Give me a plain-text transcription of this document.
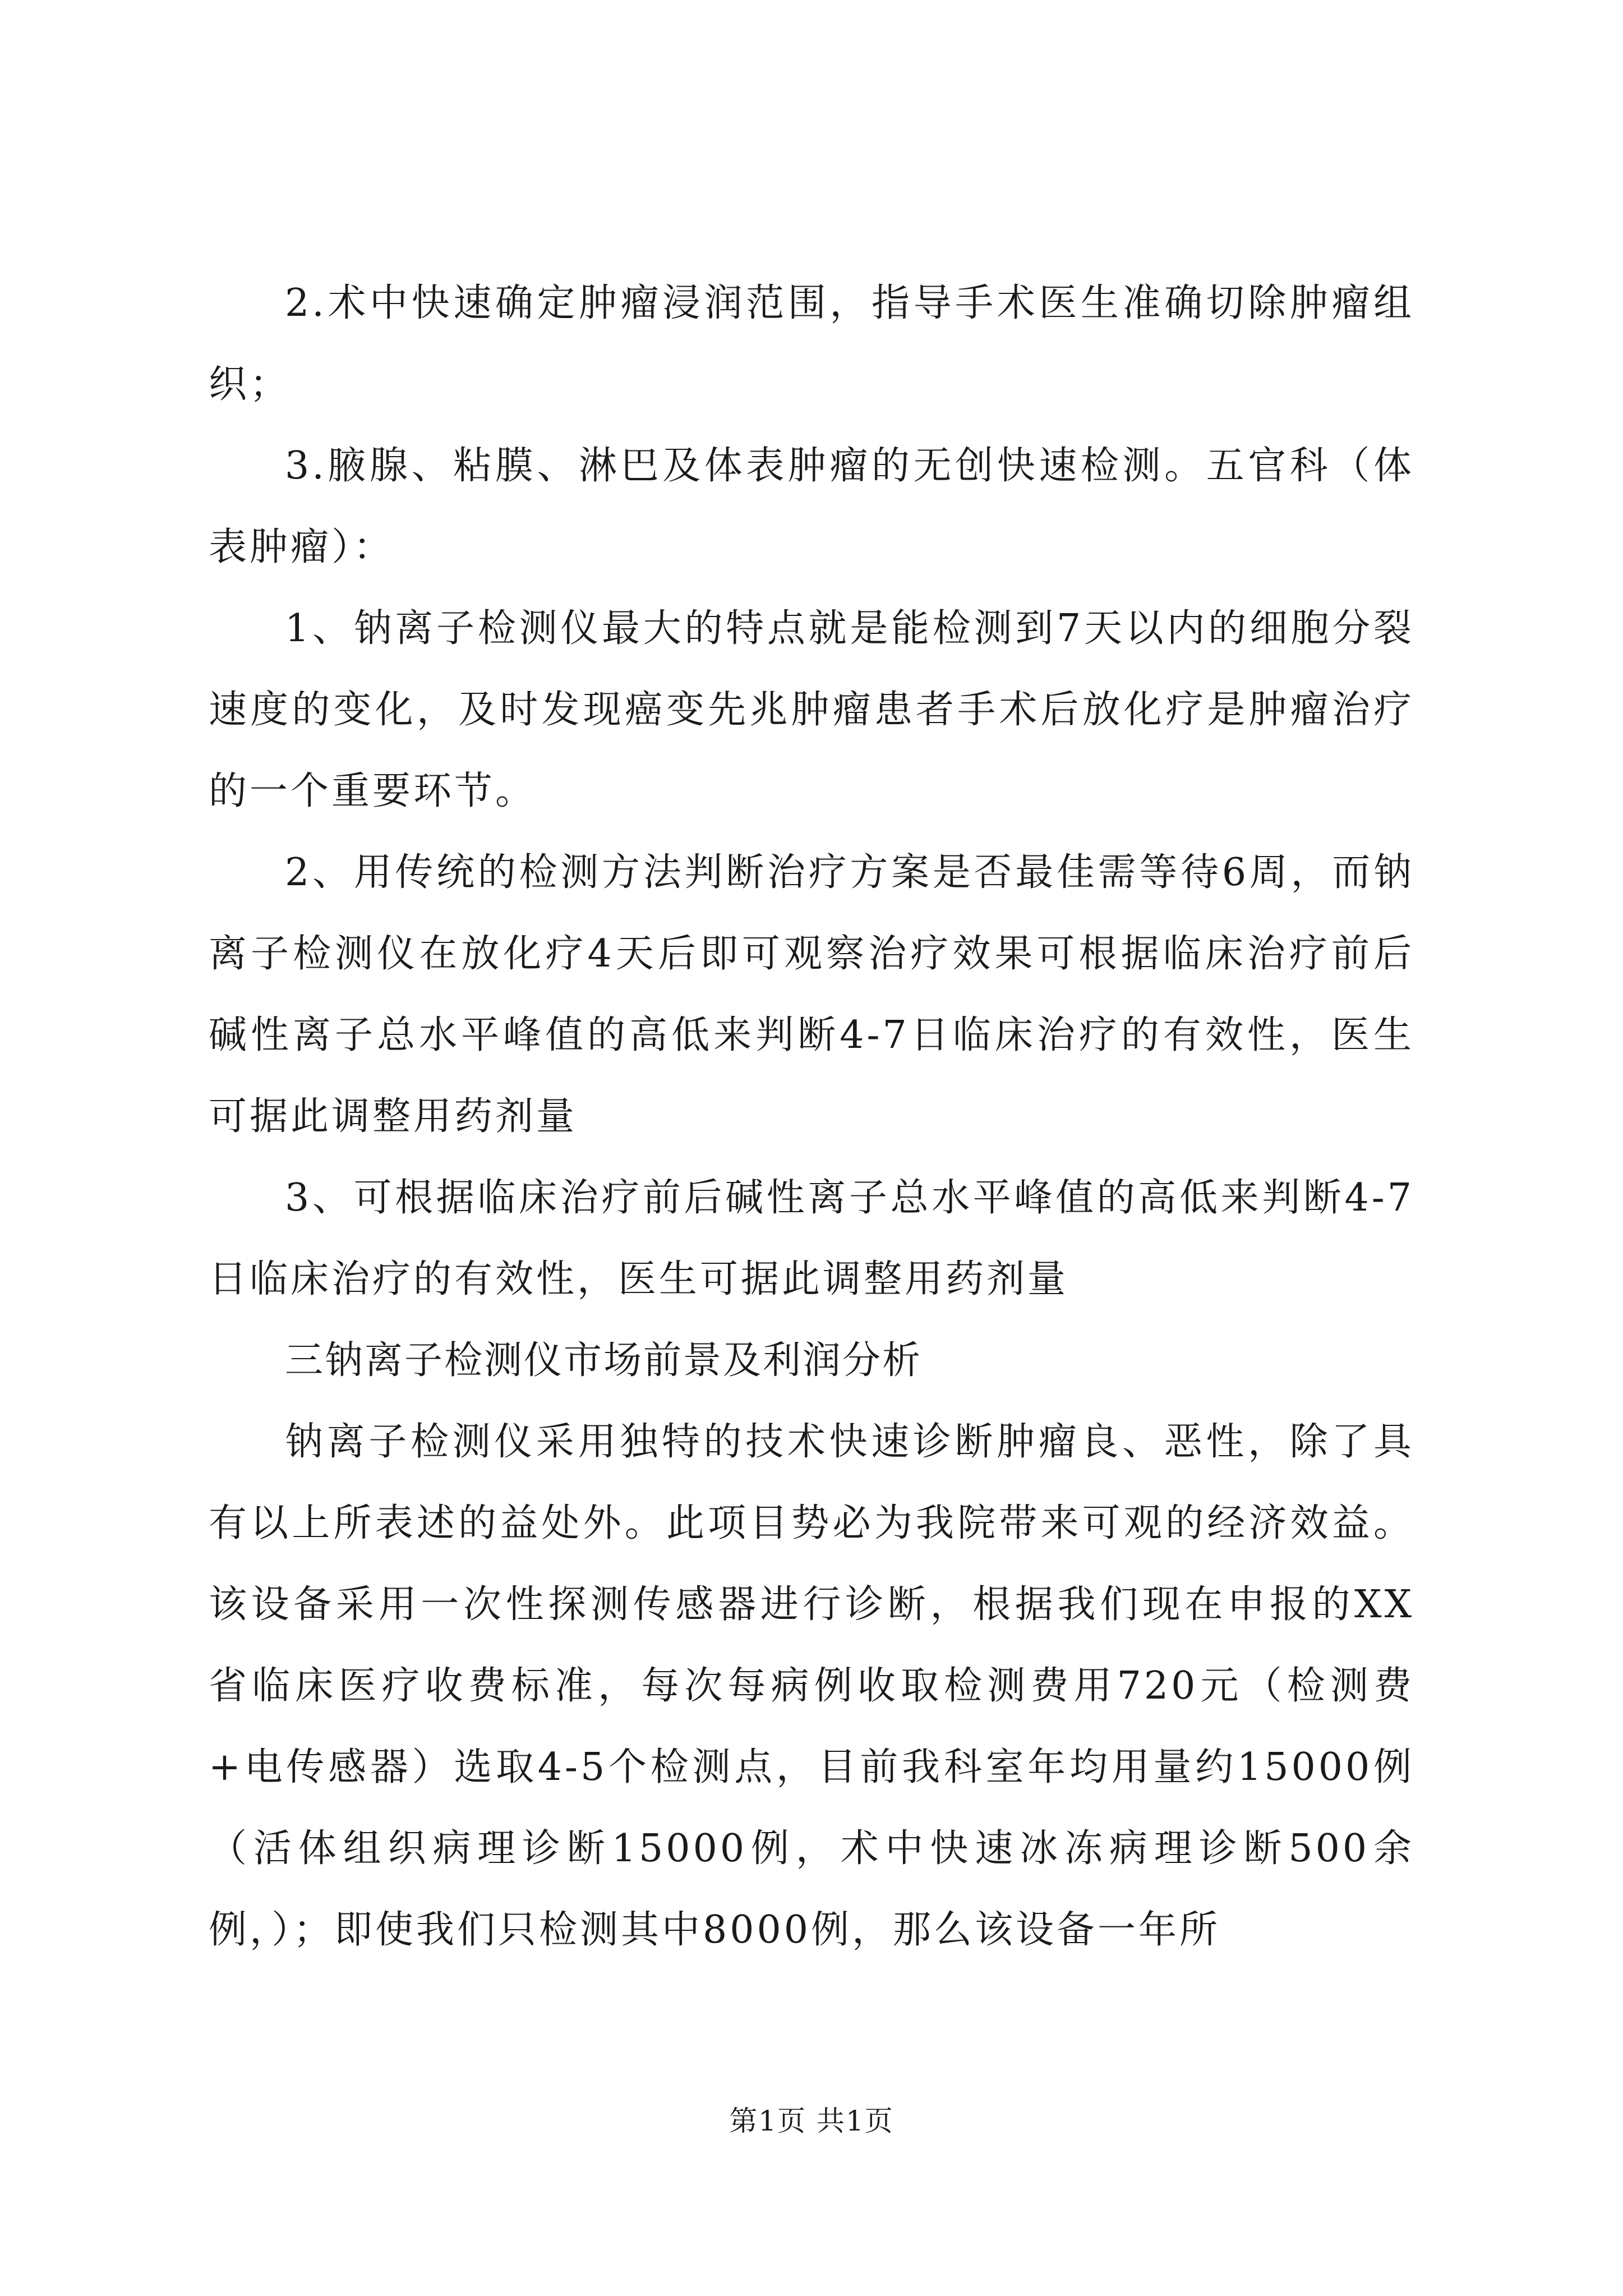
2.术中快速确定肿瘤浸润范围，指导手术医生准确切除肿瘤组织；

3.腋腺、粘膜、淋巴及体表肿瘤的无创快速检测。五官科（体表肿瘤）：

1、钠离子检测仪最大的特点就是能检测到7天以内的细胞分裂速度的变化，及时发现癌变先兆肿瘤患者手术后放化疗是肿瘤治疗的一个重要环节。

2、用传统的检测方法判断治疗方案是否最佳需等待6周，而钠离子检测仪在放化疗4天后即可观察治疗效果可根据临床治疗前后碱性离子总水平峰值的高低来判断4-7日临床治疗的有效性，医生可据此调整用药剂量

3、可根据临床治疗前后碱性离子总水平峰值的高低来判断4-7日临床治疗的有效性，医生可据此调整用药剂量

三钠离子检测仪市场前景及利润分析

钠离子检测仪采用独特的技术快速诊断肿瘤良、恶性，除了具有以上所表述的益处外。此项目势必为我院带来可观的经济效益。该设备采用一次性探测传感器进行诊断，根据我们现在申报的XX省临床医疗收费标准，每次每病例收取检测费用720元（检测费+电传感器）选取4-5个检测点，目前我科室年均用量约15000例（活体组织病理诊断15000例，术中快速冰冻病理诊断500余例，）；即使我们只检测其中8000例，那么该设备一年所

第1页 共1页
